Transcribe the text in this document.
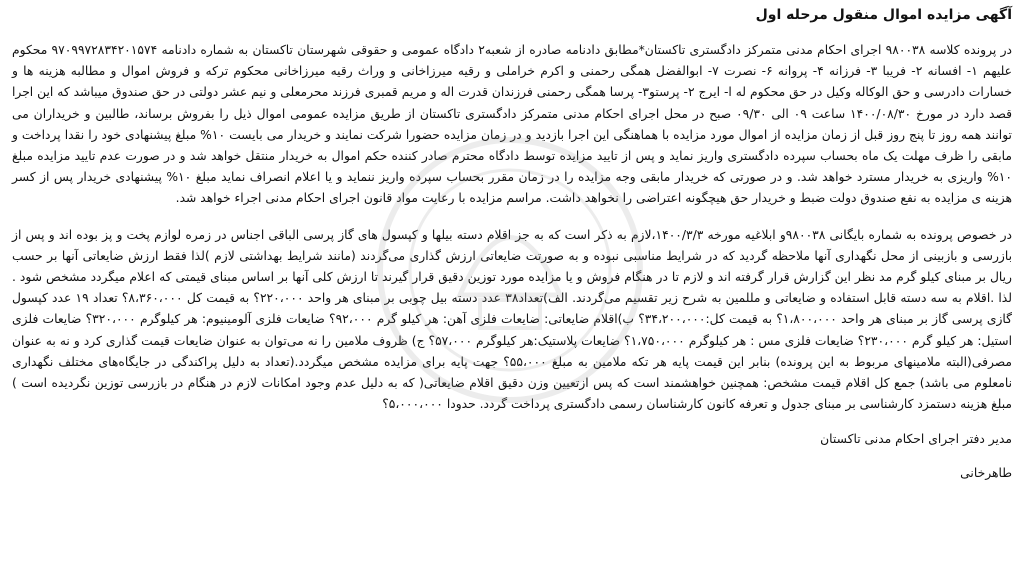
آگهی مزایده اموال منقول مرحله اول

در پرونده کلاسه ۹۸۰۰۳۸ اجرای احکام مدنی متمرکز دادگستری تاکستان*مطابق دادنامه صادره از شعبه۲ دادگاه عمومی و حقوقی شهرستان تاکستان به شماره دادنامه ۹۷۰۹۹۷۲۸۳۴۲۰۱۵۷۴ محکوم علیهم ۱- افسانه ۲- فریبا ۳- فرزانه ۴- پروانه ۶- نصرت ۷- ابوالفضل همگی رحمنی و اکرم خراملی و رقیه میرزاخانی و وراث رقیه میرزاخانی محکوم ترکه و فروش اموال و مطالبه هزینه ها و خسارات دادرسی و حق الوکاله وکیل در حق محکوم له ا- ایرج ۲- پرستو۳- پرسا همگی رحمنی فرزندان قدرت اله و مریم قمبری فرزند محرمعلی و نیم عشر دولتی در حق صندوق میباشد که این اجرا قصد دارد در مورخ ۱۴۰۰/۰۸/۳۰ ساعت ۰۹ الی ۰۹/۳۰ صبح در محل اجرای احکام مدنی متمرکز دادگستری تاکستان از طریق مزایده عمومی اموال ذیل را بفروش برساند، طالبین و خریداران می توانند همه روز تا پنج روز قبل از زمان مزایده از اموال مورد مزایده با هماهنگی این اجرا بازدید و در زمان مزایده حضورا شرکت نمایند و خریدار می بایست ۱۰% مبلغ پیشنهادی خود را نقدا پرداخت و مابقی را ظرف مهلت یک ماه بحساب سپرده دادگستری واریز نماید و پس از تایید مزایده توسط دادگاه محترم صادر کننده حکم اموال به خریدار منتقل خواهد شد و در صورت عدم تایید مزایده مبلغ ۱۰% واریزی به خریدار مسترد خواهد شد. و در صورتی که خریدار مابقی وجه مزایده را در زمان مقرر بحساب سپرده واریز ننماید و یا اعلام انصراف نماید مبلغ ۱۰% پیشنهادی خریدار پس از کسر هزینه ی مزایده به نفع صندوق دولت ضبط و خریدار حق هیچگونه اعتراضی را نخواهد داشت. مراسم مزایده با رعایت مواد قانون اجرای احکام مدنی اجراء خواهد شد.

در خصوص پرونده به شماره بایگانی ۹۸۰۰۳۸و ابلاغیه مورخه ۱۴۰۰/۳/۳،لازم به ذکر است که به جز اقلام دسته بیلها و کپسول های گاز پرسی الباقی اجناس در زمره لوازم پخت و پز بوده اند و پس از بازرسی و بازبینی از محل نگهداری آنها ملاحظه گردید که در شرایط مناسبی نبوده و به صورتت ضایعاتی ارزش گذاری می‌گردند (مانند شرایط بهداشتی لازم )لذا فقط ارزش ضایعاتی آنها بر حسب ریال بر مبنای کیلو گرم مد نظر این گزارش قرار گرفته اند و لازم تا در هنگام فروش و یا مزایده مورد توزین دقیق قرار گیرند تا ارزش کلی آنها بر اساس مبنای قیمتی که اعلام میگردد مشخص شود . لذا .اقلام به سه دسته قابل استفاده و ضایعاتی و مللمین به شرح زیر تقسیم می‌گردند. الف)تعداد۳۸ عدد دسته بیل چوبی بر مبنای هر واحد ۲۲۰،۰۰۰؟ به قیمت کل ۸،۳۶۰،۰۰۰؟ تعداد ۱۹ عدد کپسول گازی پرسی گاز بر مبنای هر واحد ۱،۸۰۰،۰۰۰؟ به قیمت کل:۳۴،۲۰۰،۰۰۰؟ ب)اقلام ضایعاتی: ضایعات فلزی آهن: هر کیلو گرم ۹۲،۰۰۰؟ ضایعات فلزی آلومینیوم: هر کیلوگرم ۳۲۰،۰۰۰؟ ضایعات فلزی استیل: هر کیلو گرم ۲۳۰،۰۰۰؟ ضایعات فلزی مس : هر کیلوگرم ۱،۷۵۰،۰۰۰؟ ضایعات پلاستیک:هر کیلوگرم ۵۷،۰۰۰؟ ج) ظروف ملامین را نه می‌توان به عنوان ضایعات قیمت گذاری کرد و نه به عنوان مصرفی(البته ملامینهای مربوط به این پرونده) بنابر این قیمت پایه هر تکه ملامین به مبلغ ۵۵،۰۰۰؟ جهت پایه برای مزایده مشخص میگردد.(تعداد به دلیل پراکندگی در جایگاه‌های مختلف نگهداری نامعلوم می باشد) جمع کل اقلام قیمت مشخص: همچنین خواهشمند است که پس ازتعیین وزن دقیق اقلام ضایعاتی( که به دلیل عدم وجود امکانات لازم در هنگام در بازرسی توزین نگردیده است ) مبلغ هزینه دستمزد کارشناسی بر مبنای جدول و تعرفه کانون کارشناسان رسمی دادگستری پرداخت گردد. حدودا ۵،۰۰۰،۰۰۰؟

مدیر دفتر اجرای احکام مدنی تاکستان
طاهرخانی
